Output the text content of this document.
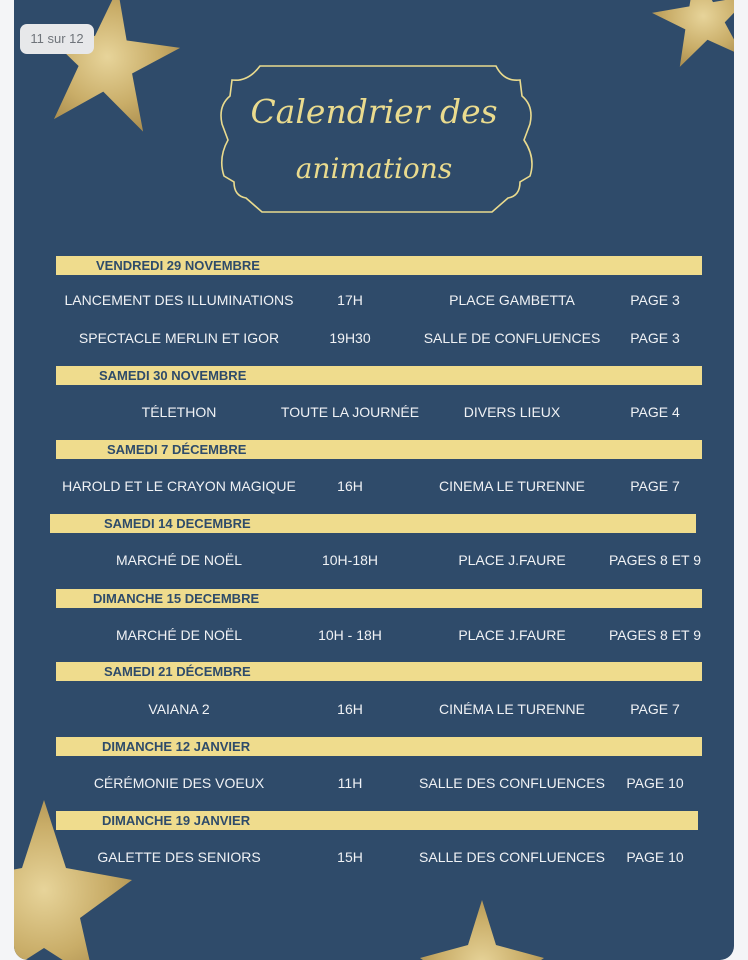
11 sur 12
Calendrier des
animations
VENDREDI 29 NOVEMBRE
LANCEMENT DES ILLUMINATIONS	17H	PLACE GAMBETTA	PAGE 3
SPECTACLE MERLIN ET IGOR	19H30	SALLE DE CONFLUENCES PAGE 3
SAMEDI 30 NOVEMBRE
TÉLETHON	TOUTE LA JOURNÉE	DIVERS LIEUX	PAGE 4
SAMEDI 7 DÉCEMBRE
HAROLD ET LE CRAYON MAGIQUE	16H	CINEMA LE TURENNE	PAGE 7
SAMEDI 14 DECEMBRE
MARCHÉ DE NOËL	10H-18H	PLACE J.FAURE	PAGES 8 ET 9
DIMANCHE 15 DECEMBRE
MARCHÉ DE NOËL	10H - 18H	PLACE J.FAURE	PAGES 8 ET 9
SAMEDI 21 DÉCEMBRE
VAIANA 2	16H	CINÉMA LE TURENNE	PAGE 7
DIMANCHE 12 JANVIER
CÉRÉMONIE DES VOEUX	11H	SALLE DES CONFLUENCES PAGE 10
DIMANCHE 19 JANVIER
GALETTE DES SENIORS	15H	SALLE DES CONFLUENCES PAGE 10
